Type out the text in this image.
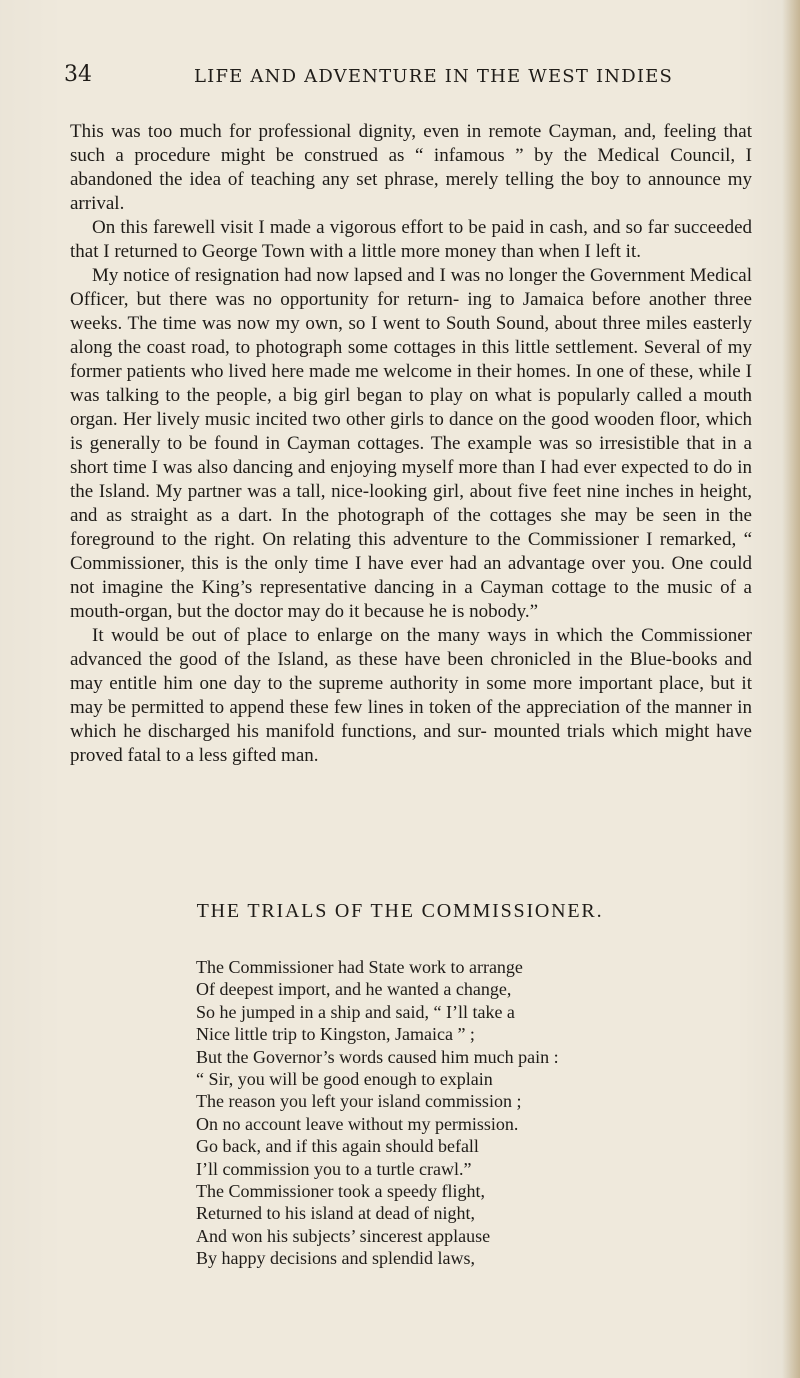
34	LIFE AND ADVENTURE IN THE WEST INDIES

This was too much for professional dignity, even in remote Cayman, and, feeling that such a procedure might be construed as “ infamous ” by the Medical Council, I abandoned the idea of teaching any set phrase, merely telling the boy to announce my arrival.

On this farewell visit I made a vigorous effort to be paid in cash, and so far succeeded that I returned to George Town with a little more money than when I left it.

My notice of resignation had now lapsed and I was no longer the Government Medical Officer, but there was no opportunity for return- ing to Jamaica before another three weeks. The time was now my own, so I went to South Sound, about three miles easterly along the coast road, to photograph some cottages in this little settlement. Several of my former patients who lived here made me welcome in their homes. In one of these, while I was talking to the people, a big girl began to play on what is popularly called a mouth organ. Her lively music incited two other girls to dance on the good wooden floor, which is generally to be found in Cayman cottages. The example was so irresistible that in a short time I was also dancing and enjoying myself more than I had ever expected to do in the Island. My partner was a tall, nice-looking girl, about five feet nine inches in height, and as straight as a dart. In the photograph of the cottages she may be seen in the foreground to the right. On relating this adventure to the Commissioner I remarked, “ Commissioner, this is the only time I have ever had an advantage over you. One could not imagine the King’s representative dancing in a Cayman cottage to the music of a mouth-organ, but the doctor may do it because he is nobody.”

It would be out of place to enlarge on the many ways in which the Commissioner advanced the good of the Island, as these have been chronicled in the Blue-books and may entitle him one day to the supreme authority in some more important place, but it may be permitted to append these few lines in token of the appreciation of the manner in which he discharged his manifold functions, and sur- mounted trials which might have proved fatal to a less gifted man.

THE TRIALS OF THE COMMISSIONER.
The Commissioner had State work to arrange
Of deepest import, and he wanted a change,
So he jumped in a ship and said, “ I’ll take a
Nice little trip to Kingston, Jamaica ” ;
But the Governor’s words caused him much pain :
“ Sir, you will be good enough to explain
The reason you left your island commission ;
On no account leave without my permission.
Go back, and if this again should befall
I’ll commission you to a turtle crawl.”
The Commissioner took a speedy flight,
Returned to his island at dead of night,
And won his subjects’ sincerest applause
By happy decisions and splendid laws,
